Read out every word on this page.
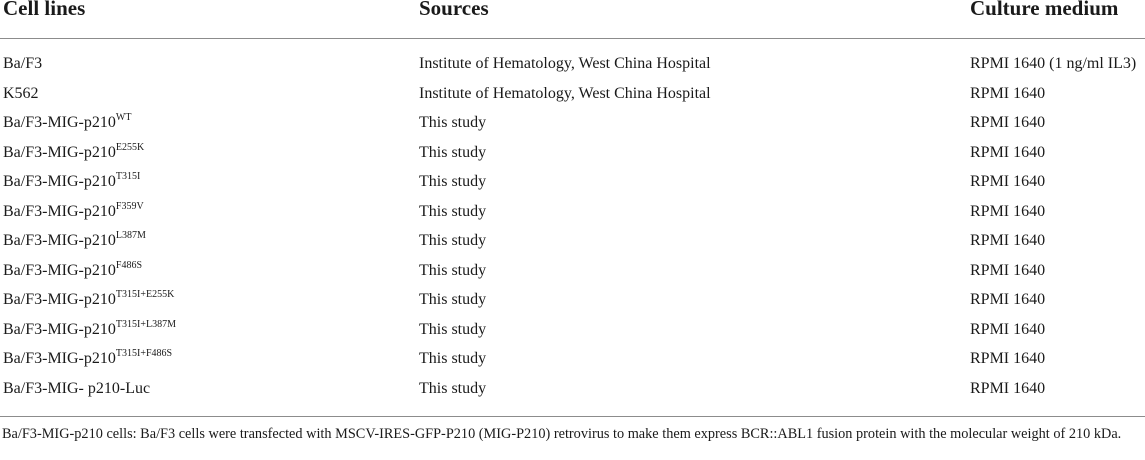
Cell lines	Sources	Culture medium
Ba/F3	Institute of Hematology, West China Hospital	RPMI 1640 (1 ng/ml IL3)
K562	Institute of Hematology, West China Hospital	RPMI 1640
$Ba/F3-MIG-p210^{WT}$	This study	RPMI 1640
$Ba/F3-MIG-p210^{E255K}$	This study	RPMI 1640
$Ba/F3-MIG-p210^{T315I}$	This study	RPMI 1640
$Ba/F3-MIG-p210^{F359V}$	This study	RPMI 1640
$Ba/F3-MIG-p210^{L387M}$	This study	RPMI 1640
$Ba/F3-MIG-p210^{F486S}$	This study	RPMI 1640
$Ba/F3-MIG-p210^{T315I+E255K}$	This study	RPMI 1640
$Ba/F3-MIG-p210^{T315I+L387M}$	This study	RPMI 1640
$Ba/F3-MIG-p210^{T315I+F486S}$	This study	RPMI 1640
Ba/F3-MIG- p210-Luc	This study	RPMI 1640
Ba/F3-MIG-p210 cells: Ba/F3 cells were transfected with MSCV-IRES-GFP-P210 (MIG-P210) retrovirus to make them express BCR::ABL1 fusion protein with the molecular weight of 210 kDa.
